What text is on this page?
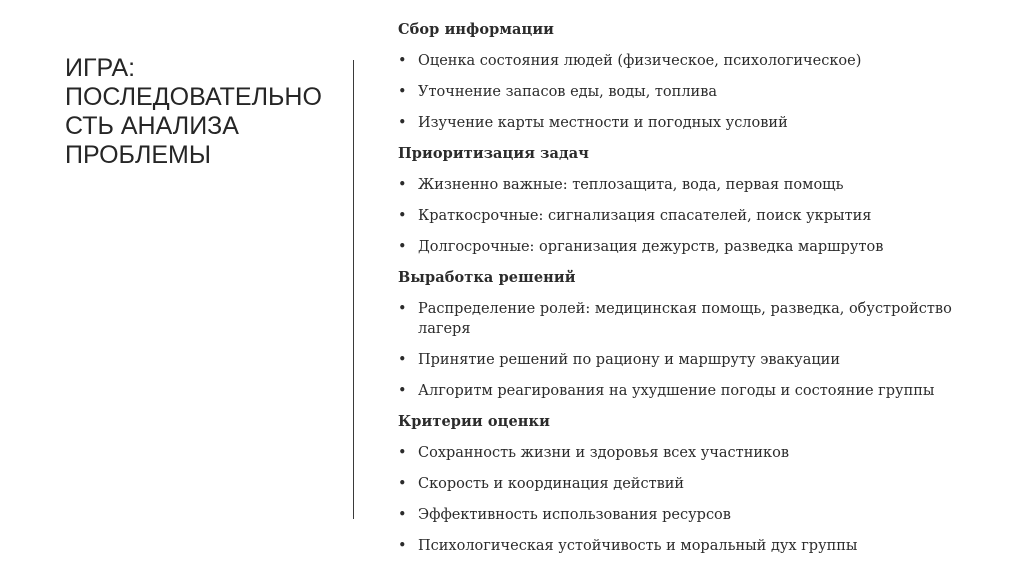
ИГРА:
ПОСЛЕДОВАТЕЛЬНО
СТЬ АНАЛИЗА
ПРОБЛЕМЫ
Сбор информации
• Оценка состояния людей (физическое, психологическое)
• Уточнение запасов еды, воды, топлива
• Изучение карты местности и погодных условий
Приоритизация задач
• Жизненно важные: теплозащита, вода, первая помощь
• Краткосрочные: сигнализация спасателей, поиск укрытия
• Долгосрочные: организация дежурств, разведка маршрутов
Выработка решений
• Распределение ролей: медицинская помощь, разведка, обустройство лагеря
• Принятие решений по рациону и маршруту эвакуации
• Алгоритм реагирования на ухудшение погоды и состояние группы
Критерии оценки
• Сохранность жизни и здоровья всех участников
• Скорость и координация действий
• Эффективность использования ресурсов
• Психологическая устойчивость и моральный дух группы
